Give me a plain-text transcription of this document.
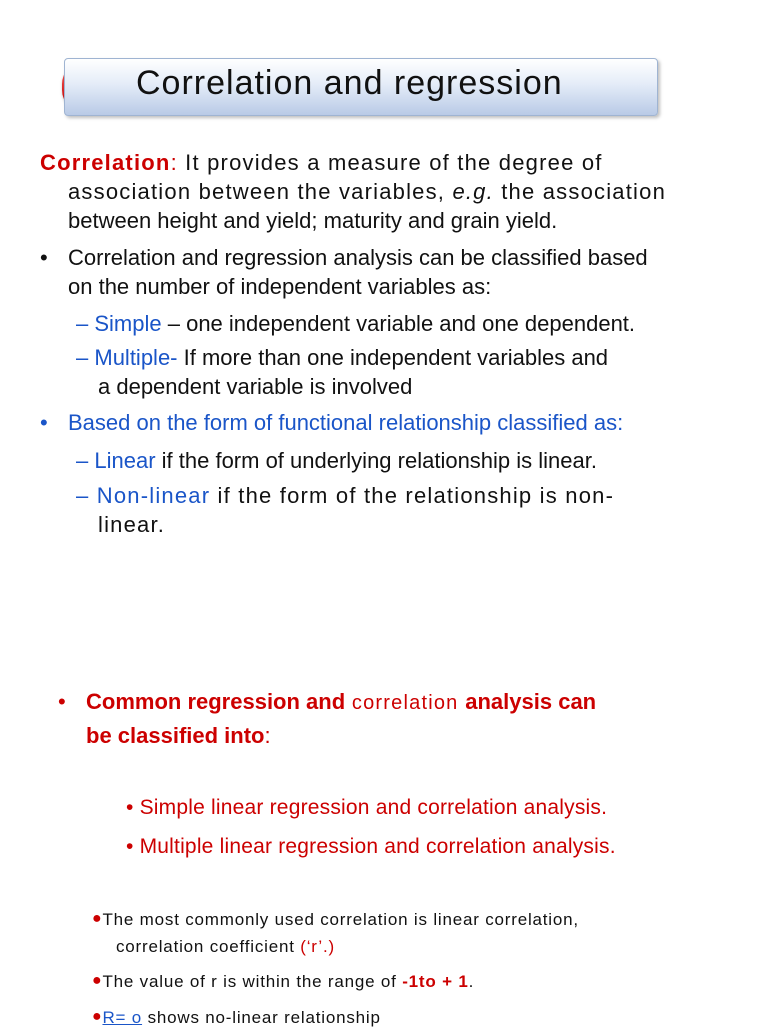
Correlation and regression
Correlation: It provides a measure of the degree of
association between the variables, e.g. the association
between height and yield; maturity and grain yield.
• Correlation and regression analysis can be classified based
on the number of independent variables as:
– Simple – one independent variable and one dependent.
– Multiple- If more than one independent variables and
a dependent variable is involved
• Based on the form of functional relationship classified as:
– Linear if the form of underlying relationship is linear.
– Non-linear if the form of the relationship is non-
linear.
• Common regression and correlation analysis can
be classified into:
• Simple linear regression and correlation analysis.
• Multiple linear regression and correlation analysis.
●The most commonly used correlation is linear correlation,
correlation coefficient (‘r’.)
●The value of r is within the range of -1to + 1.
●R= o shows no-linear relationship
